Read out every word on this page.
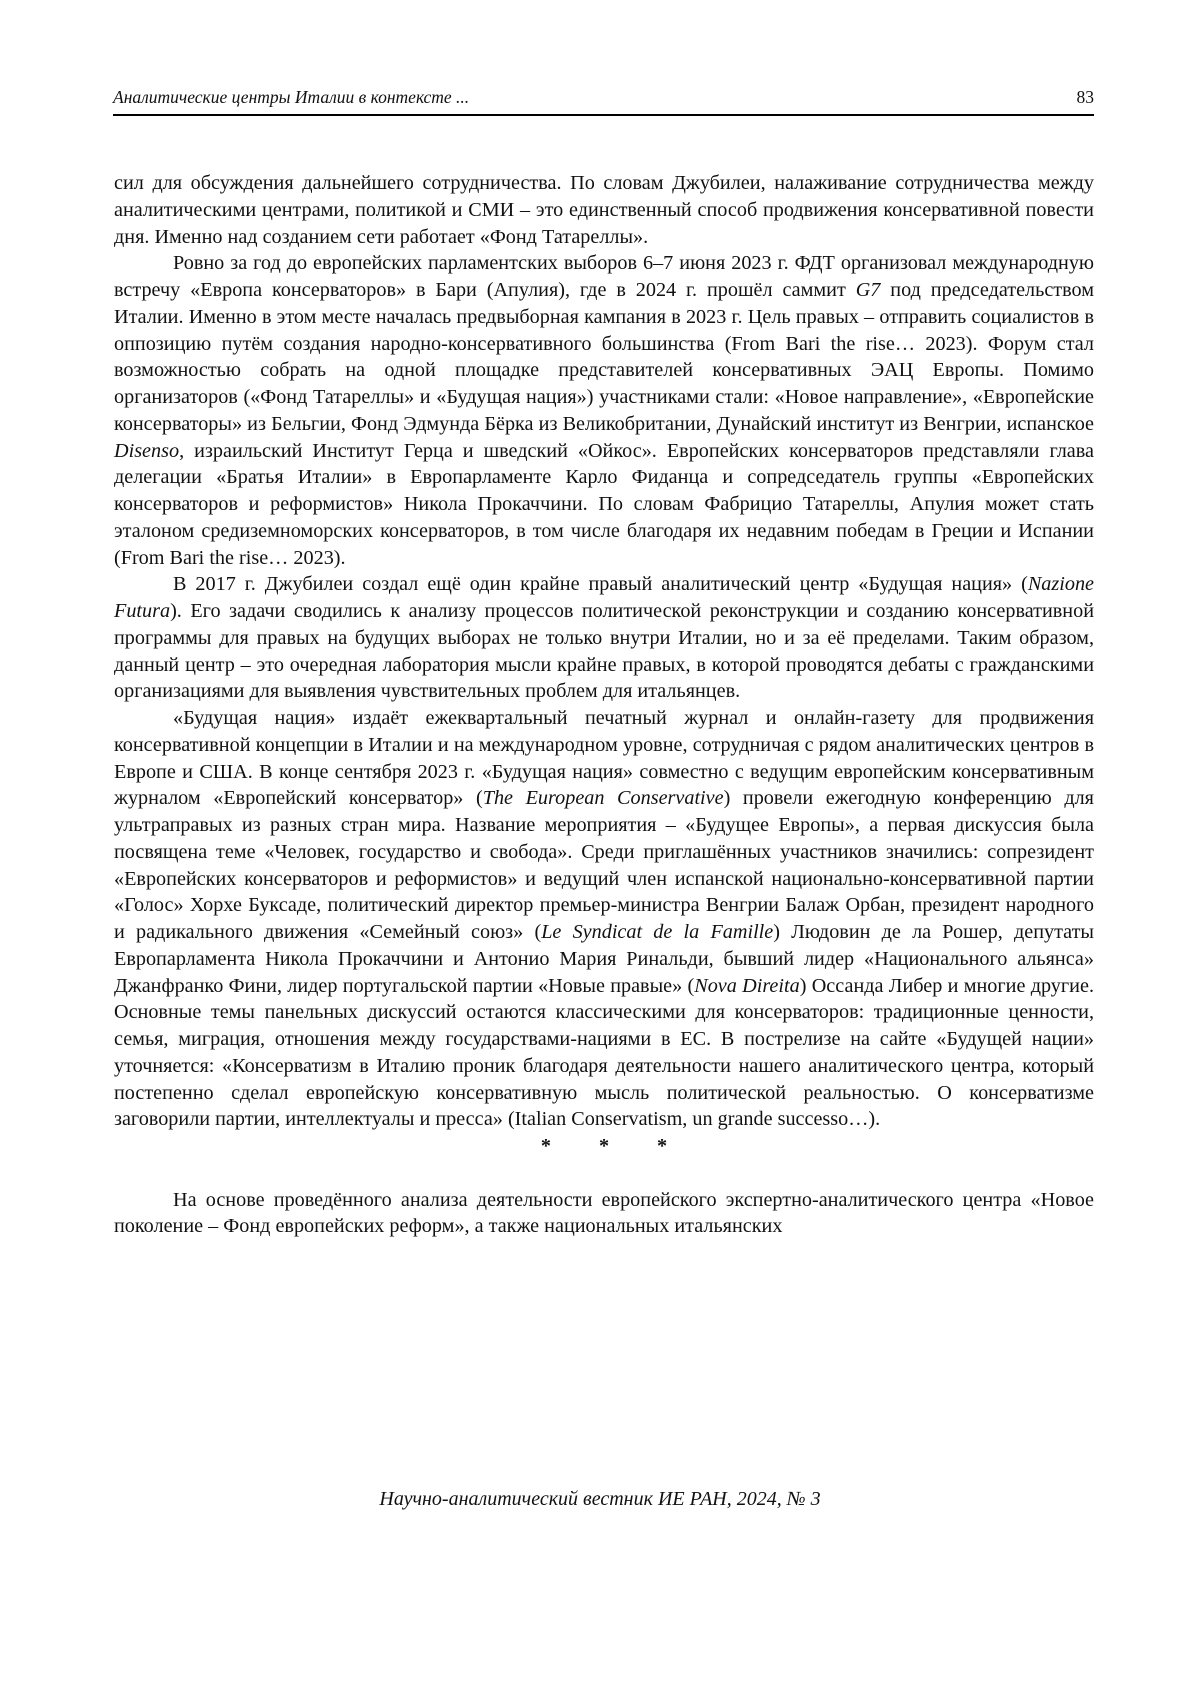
Аналитические центры Италии в контексте ...	83

сил для обсуждения дальнейшего сотрудничества. По словам Джубилеи, налаживание сотрудничества между аналитическими центрами, политикой и СМИ – это единственный способ продвижения консервативной повести дня. Именно над созданием сети работает «Фонд Татареллы».

Ровно за год до европейских парламентских выборов 6–7 июня 2023 г. ФДТ организовал международную встречу «Европа консерваторов» в Бари (Апулия), где в 2024 г. прошёл саммит G7 под председательством Италии. Именно в этом месте началась предвыборная кампания в 2023 г. Цель правых – отправить социалистов в оппозицию путём создания народно-консервативного большинства (From Bari the rise… 2023). Форум стал возможностью собрать на одной площадке представителей консервативных ЭАЦ Европы. Помимо организаторов («Фонд Татареллы» и «Будущая нация») участниками стали: «Новое направление», «Европейские консерваторы» из Бельгии, Фонд Эдмунда Бёрка из Великобритании, Дунайский институт из Венгрии, испанское Disenso, израильский Институт Герца и шведский «Ойкос». Европейских консерваторов представляли глава делегации «Братья Италии» в Европарламенте Карло Фиданца и сопредседатель группы «Европейских консерваторов и реформистов» Никола Прокаччини. По словам Фабрицио Татареллы, Апулия может стать эталоном средиземноморских консерваторов, в том числе благодаря их недавним победам в Греции и Испании (From Bari the rise… 2023).

В 2017 г. Джубилеи создал ещё один крайне правый аналитический центр «Будущая нация» (Nazione Futura). Его задачи сводились к анализу процессов политической реконструкции и созданию консервативной программы для правых на будущих выборах не только внутри Италии, но и за её пределами. Таким образом, данный центр – это очередная лаборатория мысли крайне правых, в которой проводятся дебаты с гражданскими организациями для выявления чувствительных проблем для итальянцев.

«Будущая нация» издаёт ежеквартальный печатный журнал и онлайн-газету для продвижения консервативной концепции в Италии и на международном уровне, сотрудничая с рядом аналитических центров в Европе и США. В конце сентября 2023 г. «Будущая нация» совместно с ведущим европейским консервативным журналом «Европейский консерватор» (The European Conservative) провели ежегодную конференцию для ультраправых из разных стран мира. Название мероприятия – «Будущее Европы», а первая дискуссия была посвящена теме «Человек, государство и свобода». Среди приглашённых участников значились: сопрезидент «Европейских консерваторов и реформистов» и ведущий член испанской национально-консервативной партии «Голос» Хорхе Буксаде, политический директор премьер-министра Венгрии Балаж Орбан, президент народного и радикального движения «Семейный союз» (Le Syndicat de la Famille) Людовин де ла Рошер, депутаты Европарламента Никола Прокаччини и Антонио Мария Ринальди, бывший лидер «Национального альянса» Джанфранко Фини, лидер португальской партии «Новые правые» (Nova Direita) Оссанда Либер и многие другие. Основные темы панельных дискуссий остаются классическими для консерваторов: традиционные ценности, семья, миграция, отношения между государствами-нациями в ЕС. В пострелизе на сайте «Будущей нации» уточняется: «Консерватизм в Италию проник благодаря деятельности нашего аналитического центра, который постепенно сделал европейскую консервативную мысль политической реальностью. О консерватизме заговорили партии, интеллектуалы и пресса» (Italian Conservatism, un grande successo…).

* * *

На основе проведённого анализа деятельности европейского экспертно-аналитического центра «Новое поколение – Фонд европейских реформ», а также национальных итальянских

Научно-аналитический вестник ИЕ РАН, 2024, № 3
